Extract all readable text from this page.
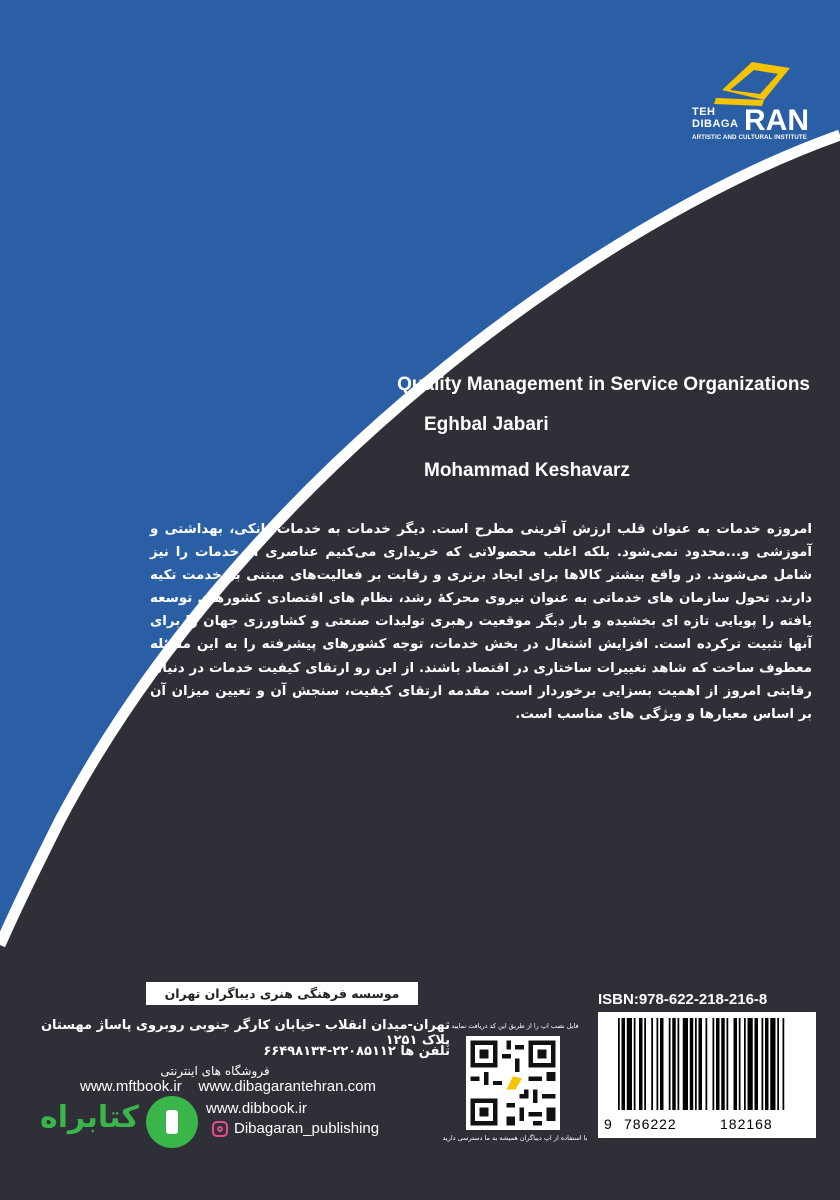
TEH
DIBAGA RAN
ARTISTIC AND CULTURAL INSTITUTE
Quality Management in Service Organizations
Eghbal Jabari
Mohammad Keshavarz
امروزه خدمات به عنوان قلب ارزش آفرینی مطرح است. دیگر خدمات به خدمات بانکی، بهداشتی و آموزشی و...محدود نمی‌شود. بلکه اغلب محصولاتی که خریداری می‌کنیم عناصری از خدمات را نیز شامل می‌شوند. در واقع بیشتر کالاها برای ایجاد برتری و رقابت بر فعالیت‌های مبتنی بر خدمت تکیه دارند. تحول سازمان های خدماتی به عنوان نیروی محرکهٔ رشد، نظام های اقتصادی کشورهای توسعه یافته را پویایی تازه ای بخشیده و بار دیگر موقعیت رهبری تولیدات صنعتی و کشاورزی جهان را برای آنها تثبیت ترکرده است. افزایش اشتغال در بخش خدمات، توجه کشورهای پیشرفته را به این مسئله معطوف ساخت که شاهد تغییرات ساختاری در اقتصاد باشند. از این رو ارتقای کیفیت خدمات در دنیای رقابتی امروز از اهمیت بسزایی برخوردار است. مقدمه ارتقای کیفیت، سنجش آن و تعیین میزان آن بر اساس معیارها و ویژگی های مناسب است.
موسسه فرهنگی هنری دیباگران تهران
تهران-میدان انقلاب -خیابان کارگر جنوبی روبروی پاساژ مهستان پلاک ۱۲۵۱
تلفن ها ۲۲۰۸۵۱۱۲-۶۶۴۹۸۱۳۴
فروشگاه های اینترنتی
www.mftbook.ir www.dibagarantehran.com
www.dibbook.ir
Dibagaran_publishing
کتابراه
فایل نصب اپ را از طریق این کد دریافت نمایید
با استفاده از اپ دیباگران همیشه به ما دسترسی دارید
ISBN:978-622-218-216-8
9 786222	182168
